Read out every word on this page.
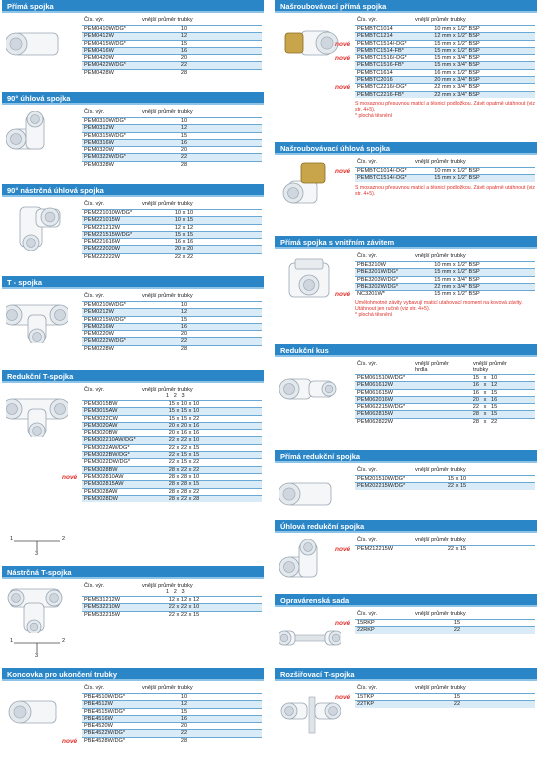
Přímá spojka
Čís. výr.	vnější průměr trubky
PEM0410W/DG*	10
PEM0412W	12
PEM0415W/DG*	15
PEM0416W	16
PEM0420W	20
PEM0422W/DG*	22
PEM0428W	28
90° úhlová spojka
Čís. výr.	vnější průměr trubky
PEM0310W/DG*	10
PEM0312W	12
PEM0315W/DG*	15
PEM0316W	16
PEM0320W	20
PEM0322W/DG*	22
PEM0328W	28
90° nástrčná úhlová spojka
Čís. výr.	vnější průměr trubky
PEM221010W/DG*	10 x 10
PEM221015W	10 x 15
PEM221212W	12 x 12
PEM221515W/DG*	15 x 15
PEM221616W	16 x 16
PEM222020W	20 x 20
PEM222222W	22 x 22
T - spojka
Čís. výr.	vnější průměr trubky
PEM0210W/DG*	10
PEM0212W	12
PEM0215W/DG*	15
PEM0216W	16
PEM0220W	20
PEM0222W/DG*	22
PEM0228W	28
Redukční T-spojka
1	2
3
Čís. výr.	vnější průměr trubky
1   2   3
PEM3015BW	15 x 10 x 10
PEM3015AW	15 x 15 x 10
PEM3022CW	15 x 15 x 22
PEM3020AW	20 x 20 x 16
PEM3020BW	20 x 16 x 16
PEM302210AW/DG*	22 x 22 x 10
PEM3022AW/DG*	22 x 22 x 15
PEM3022BW/DG*	22 x 15 x 15
PEM3022DW/DG*	22 x 15 x 22
PEM3028BW	28 x 22 x 22
nové PEM302810AW	28 x 28 x 10
PEM302815AW	28 x 28 x 15
PEM3028AW	28 x 28 x 22
PEM3028DW	28 x 22 x 28
Nástrčná T-spojka
1	2
3
Čís. výr.	vnější průměr trubky
1   2   3
PEM531212W	12 x 12 x 12
PEM532210W	22 x 22 x 10
PEM532215W	22 x 22 x 15
Koncovka pro ukončení trubky
Čís. výr.	vnější průměr trubky
PBE4510W/DG*	10
PBE4512W	12
PBE4515W/DG*	15
PBE4516W	16
PBE4520W	20
PBE4522W/DG*	22
nové PBE4528W/DG*	28
Našroubovávací přímá spojka
Čís. výr.	vnější průměr trubky
PEMBTC1014	10 mm x 1/2" BSP
PEMBTC1214	12 mm x 1/2" BSP
nové PEMBTC1514/-DG*	15 mm x 1/2" BSP
PEMBTC1514-FB*	15 mm x 1/2" BSP
nové PEMBTC1516/-DG*	15 mm x 3/4" BSP
PEMBTC1516-FB*	15 mm x 3/4" BSP
PEMBTC1614	16 mm x 1/2" BSP
PEMBTC2016	20 mm x 3/4" BSP
nové PEMBTC2216/-DG*	22 mm x 3/4" BSP
PEMBTC2216-FB*	22 mm x 3/4" BSP
S mosaznou přesuvnou maticí a těsnicí podložkou. Závit opatrně utáhnout (viz str. 4+5).
* plochá těsnění
Našroubovávací úhlová spojka
Čís. výr.	vnější průměr trubky
nové PEMBTC1014/-DG*	10 mm x 1/2" BSP
PEMBTC1514/-DG*	15 mm x 1/2" BSP
S mosaznou přesuvnou maticí a těsnicí podložkou. Závit opatrně utáhnout (viz str. 4+5).
Přímá spojka s vnitřním závitem
Čís. výr.	vnější průměr trubky
PBE3210W	10 mm x 1/2" BSP
PBE3201W/DG*	15 mm x 1/2" BSP
PBE3203W/DG*	15 mm x 3/4" BSP
PBE3202W/DG*	22 mm x 3/4" BSP
nové NC3201W*	15 mm x 1/2" BSP
Umělohmotné závity vybavují maticí utahovací moment na kovová závity. Utáhnout jen ručně (viz str. 4+5).
* plochá těsnění
Redukční kus
Čís. výr.	vnější průměr hrdla
vnější průměr trubky
PEM061510W/DG*	15   x   10
PEM061612W	16   x   12
PEM061615W	16   x   15
PEM062016W	20   x   16
PEM062215W/DG*	22   x   15
PEM062815W	28   x   15
PEM062822W	28   x   22
Přímá redukční spojka
Čís. výr.	vnější průměr trubky
PEM201510W/DG*	15 x 10
PEM202215W/DG*	22 x 15
Úhlová redukční spojka
Čís. výr.	vnější průměr trubky
nové PEM212215W	22 x 15
Opravárenská sada
Čís. výr.	vnější průměr trubky
nové 15RKP	15
22RKP	22
Rozšiřovací T-spojka
Čís. výr.	vnější průměr trubky
nové 15TKP	15
22TKP	22
